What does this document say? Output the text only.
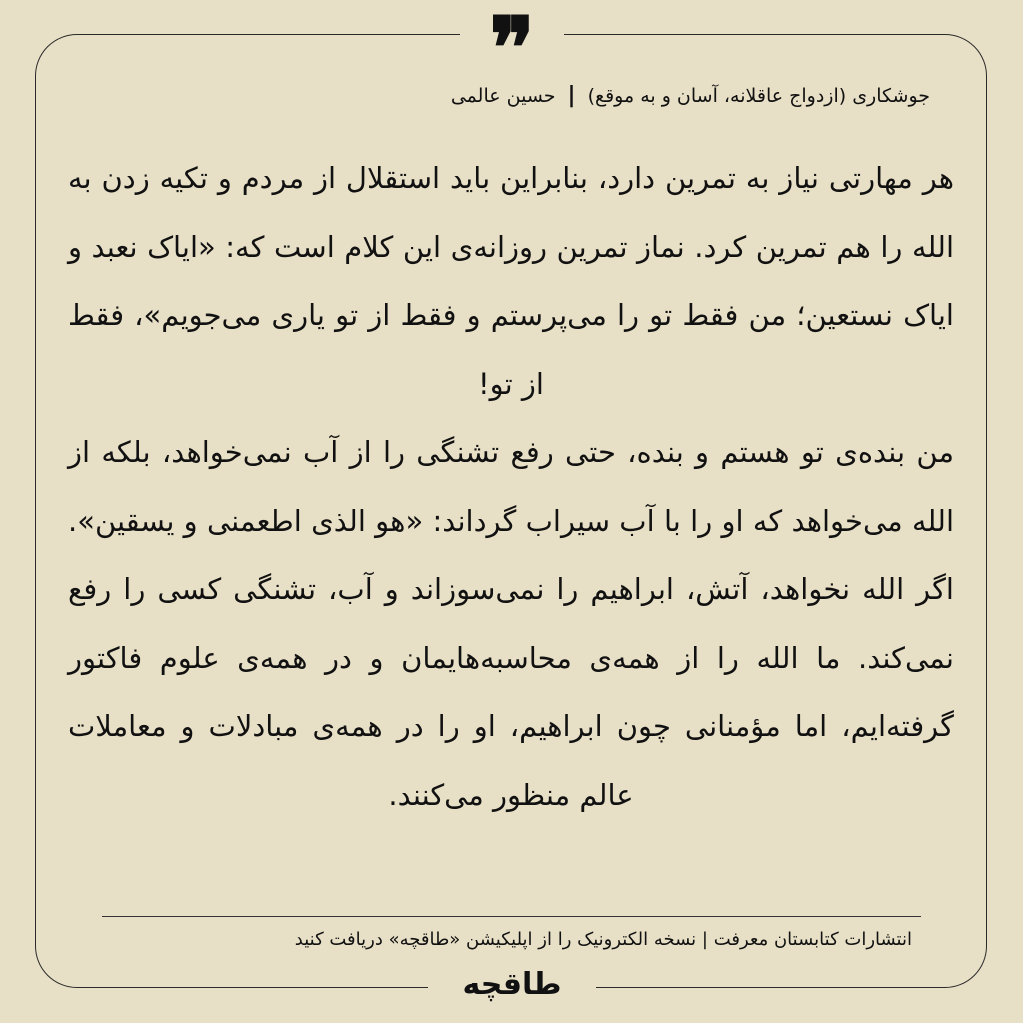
❞	جوشکاری (ازدواج عاقلانه، آسان و به موقع)
|
حسین عالمی

هر مهارتی نیاز به تمرین دارد، بنابراین باید استقلال از مردم و تکیه زدن به الله را هم تمرین کرد. نماز تمرین روزانه‌ی این کلام است که: «ایاک نعبد و ایاک نستعین؛ من فقط تو را می‌پرستم و فقط از تو یاری می‌جویم»، فقط از تو!

من بنده‌ی تو هستم و بنده، حتی رفع تشنگی را از آب نمی‌خواهد، بلکه از الله می‌خواهد که او را با آب سیراب گرداند: «هو الذی اطعمنی و یسقین». اگر الله نخواهد، آتش، ابراهیم را نمی‌سوزاند و آب، تشنگی کسی را رفع نمی‌کند. ما الله را از همه‌ی محاسبه‌هایمان و در همه‌ی علوم فاکتور گرفته‌ایم، اما مؤمنانی چون ابراهیم، او را در همه‌ی مبادلات و معاملات عالم منظور می‌کنند.

انتشارات کتابستان معرفت | نسخه الکترونیک را از اپلیکیشن «طاقچه» دریافت کنید
طاقچه
